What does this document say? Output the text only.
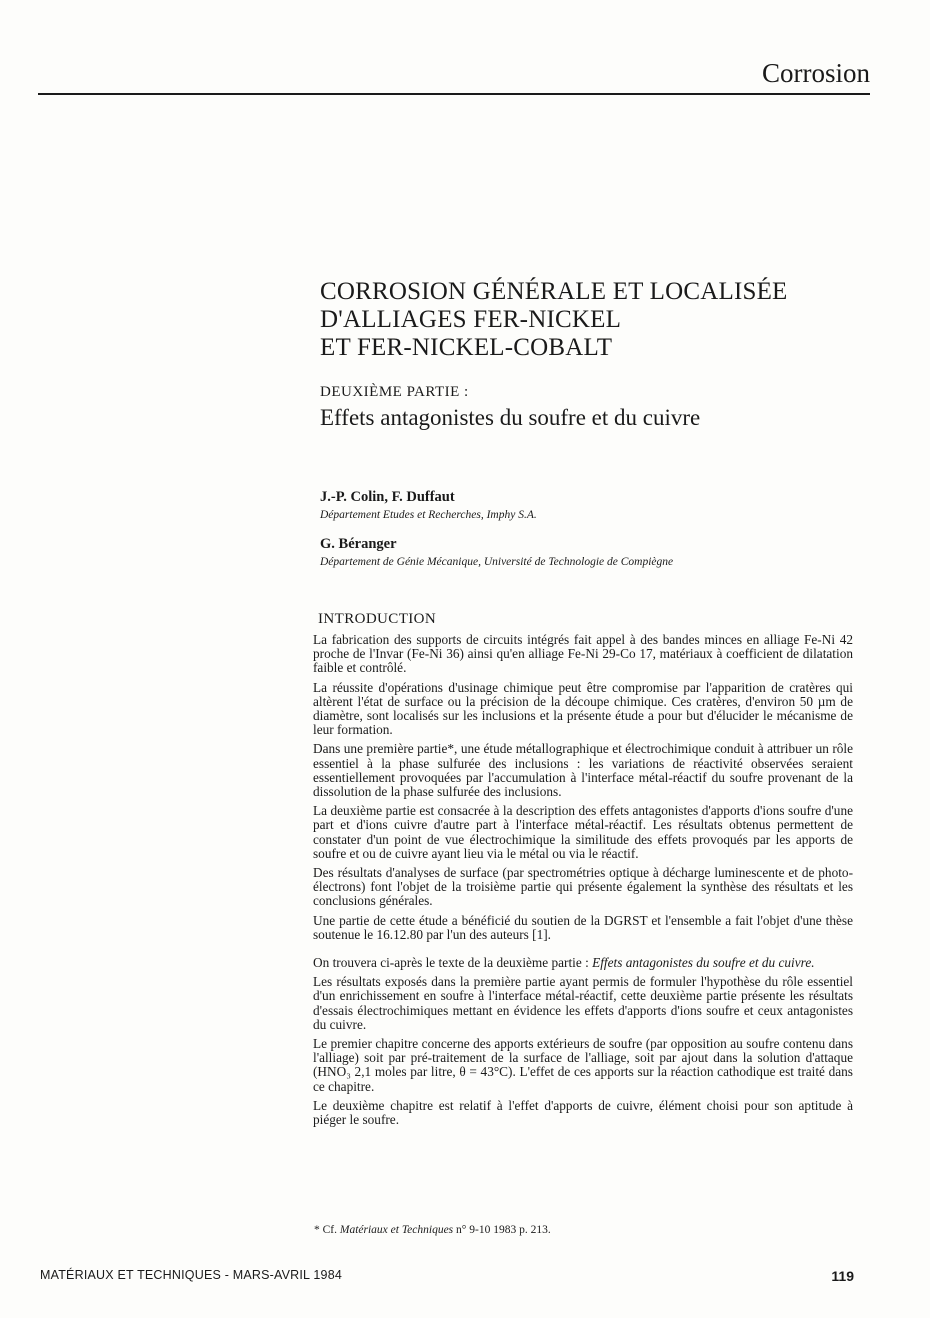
Corrosion
CORROSION GÉNÉRALE ET LOCALISÉE
D'ALLIAGES FER-NICKEL
ET FER-NICKEL-COBALT
DEUXIÈME PARTIE :
Effets antagonistes du soufre et du cuivre
J.-P. Colin, F. Duffaut
Département Etudes et Recherches, Imphy S.A.
G. Béranger
Département de Génie Mécanique, Université de Technologie de Compiègne
INTRODUCTION

La fabrication des supports de circuits intégrés fait appel à des bandes minces en alliage Fe-Ni 42 proche de l'Invar (Fe-Ni 36) ainsi qu'en alliage Fe-Ni 29-Co 17, matériaux à coefficient de dilatation faible et contrôlé.

La réussite d'opérations d'usinage chimique peut être compromise par l'apparition de cratères qui altèrent l'état de surface ou la précision de la découpe chimique. Ces cratères, d'environ 50 µm de diamètre, sont localisés sur les inclusions et la présente étude a pour but d'élucider le mécanisme de leur formation.

Dans une première partie*, une étude métallographique et électrochimique conduit à attribuer un rôle essentiel à la phase sulfurée des inclusions : les variations de réactivité observées seraient essentiellement provoquées par l'accumulation à l'interface métal-réactif du soufre provenant de la dissolution de la phase sulfurée des inclusions.

La deuxième partie est consacrée à la description des effets antagonistes d'apports d'ions soufre d'une part et d'ions cuivre d'autre part à l'interface métal-réactif. Les résultats obtenus permettent de constater d'un point de vue électrochimique la similitude des effets provoqués par les apports de soufre et ou de cuivre ayant lieu via le métal ou via le réactif.

Des résultats d'analyses de surface (par spectrométries optique à décharge luminescente et de photo-électrons) font l'objet de la troisième partie qui présente également la synthèse des résultats et les conclusions générales.

Une partie de cette étude a bénéficié du soutien de la DGRST et l'ensemble a fait l'objet d'une thèse soutenue le 16.12.80 par l'un des auteurs [1].

On trouvera ci-après le texte de la deuxième partie : Effets antagonistes du soufre et du cuivre.

Les résultats exposés dans la première partie ayant permis de formuler l'hypothèse du rôle essentiel d'un enrichissement en soufre à l'interface métal-réactif, cette deuxième partie présente les résultats d'essais électrochimiques mettant en évidence les effets d'apports d'ions soufre et ceux antagonistes du cuivre.

Le premier chapitre concerne des apports extérieurs de soufre (par opposition au soufre contenu dans l'alliage) soit par pré-traitement de la surface de l'alliage, soit par ajout dans la solution d'attaque (HNO₃ 2,1 moles par litre, θ = 43°C). L'effet de ces apports sur la réaction cathodique est traité dans ce chapitre.

Le deuxième chapitre est relatif à l'effet d'apports de cuivre, élément choisi pour son aptitude à piéger le soufre.

* Cf. Matériaux et Techniques n° 9-10 1983 p. 213.
MATÉRIAUX ET TECHNIQUES - MARS-AVRIL 1984	119
